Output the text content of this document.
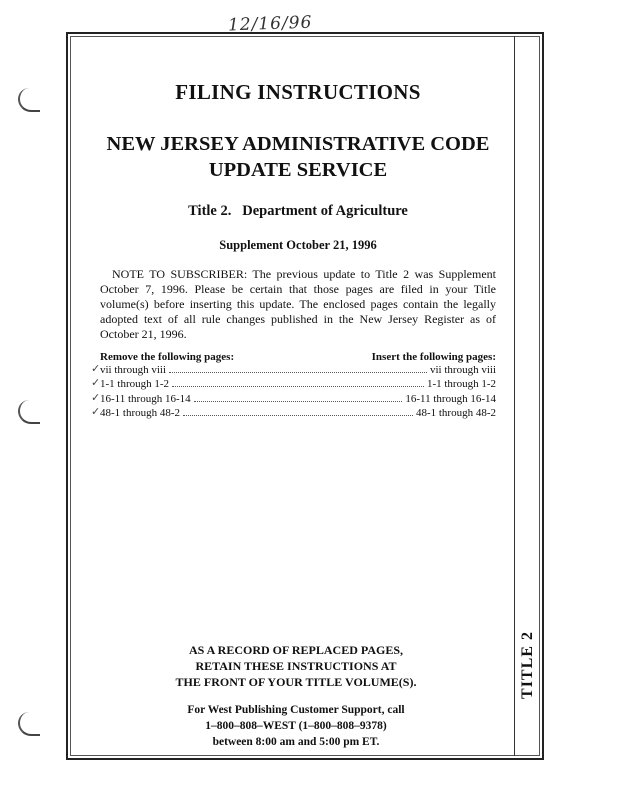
12/16/96
TITLE 2
FILING INSTRUCTIONS
NEW JERSEY ADMINISTRATIVE CODE
UPDATE SERVICE
Title 2.   Department of Agriculture
Supplement October 21, 1996
NOTE TO SUBSCRIBER: The previous update to Title 2 was Supplement October 7, 1996. Please be certain that those pages are filed in your Title volume(s) before inserting this update. The enclosed pages contain the legally adopted text of all rule changes published in the New Jersey Register as of October 21, 1996.
Remove the following pages:	Insert the following pages:
✓ vii through viii	vii through viii
✓ 1-1 through 1-2	1-1 through 1-2
✓ 16-11 through 16-14	16-11 through 16-14
✓ 48-1 through 48-2	48-1 through 48-2
AS A RECORD OF REPLACED PAGES,
RETAIN THESE INSTRUCTIONS AT
THE FRONT OF YOUR TITLE VOLUME(S).
For West Publishing Customer Support, call
1–800–808–WEST (1–800–808–9378)
between 8:00 am and 5:00 pm ET.
